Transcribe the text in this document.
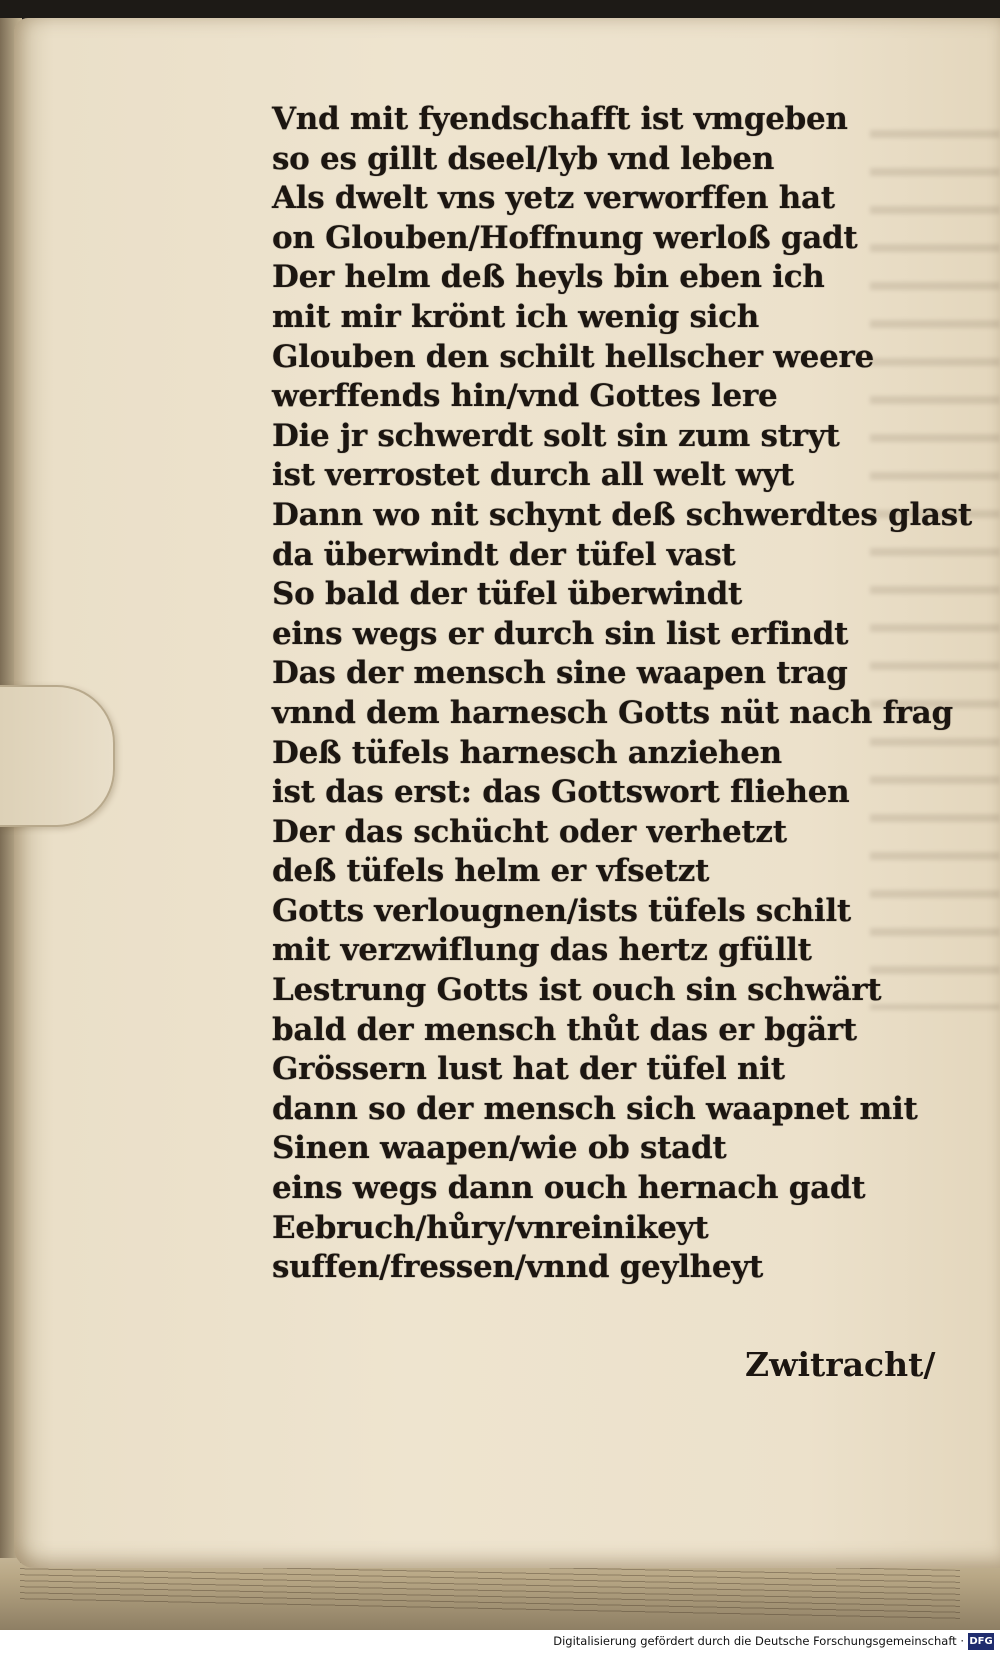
Vnd mit fyendschafft ist vmgeben
so es gillt dseel/lyb vnd leben
Als dwelt vns yetz verworffen hat
on Glouben/Hoffnung werloß gadt
Der helm deß heyls bin eben ich
mit mir krönt ich wenig sich
Glouben den schilt hellscher weere
werffends hin/vnd Gottes lere
Die jr schwerdt solt sin zum stryt
ist verrostet durch all welt wyt
Dann wo nit schynt deß schwerdtes glast
da überwindt der tüfel vast
So bald der tüfel überwindt
eins wegs er durch sin list erfindt
Das der mensch sine waapen trag
vnnd dem harnesch Gotts nüt nach frag
Deß tüfels harnesch anziehen
ist das erst: das Gottswort fliehen
Der das schücht oder verhetzt
deß tüfels helm er vfsetzt
Gotts verlougnen/ists tüfels schilt
mit verzwiflung das hertz gfüllt
Lestrung Gotts ist ouch sin schwärt
bald der mensch thůt das er bgärt
Grössern lust hat der tüfel nit
dann so der mensch sich waapnet mit
Sinen waapen/wie ob stadt
eins wegs dann ouch hernach gadt
Eebruch/hůry/vnreinikeyt
suffen/fressen/vnnd geylheyt
Zwitracht/
Digitalisierung gefördert durch die Deutsche Forschungsgemeinschaft · DFG
